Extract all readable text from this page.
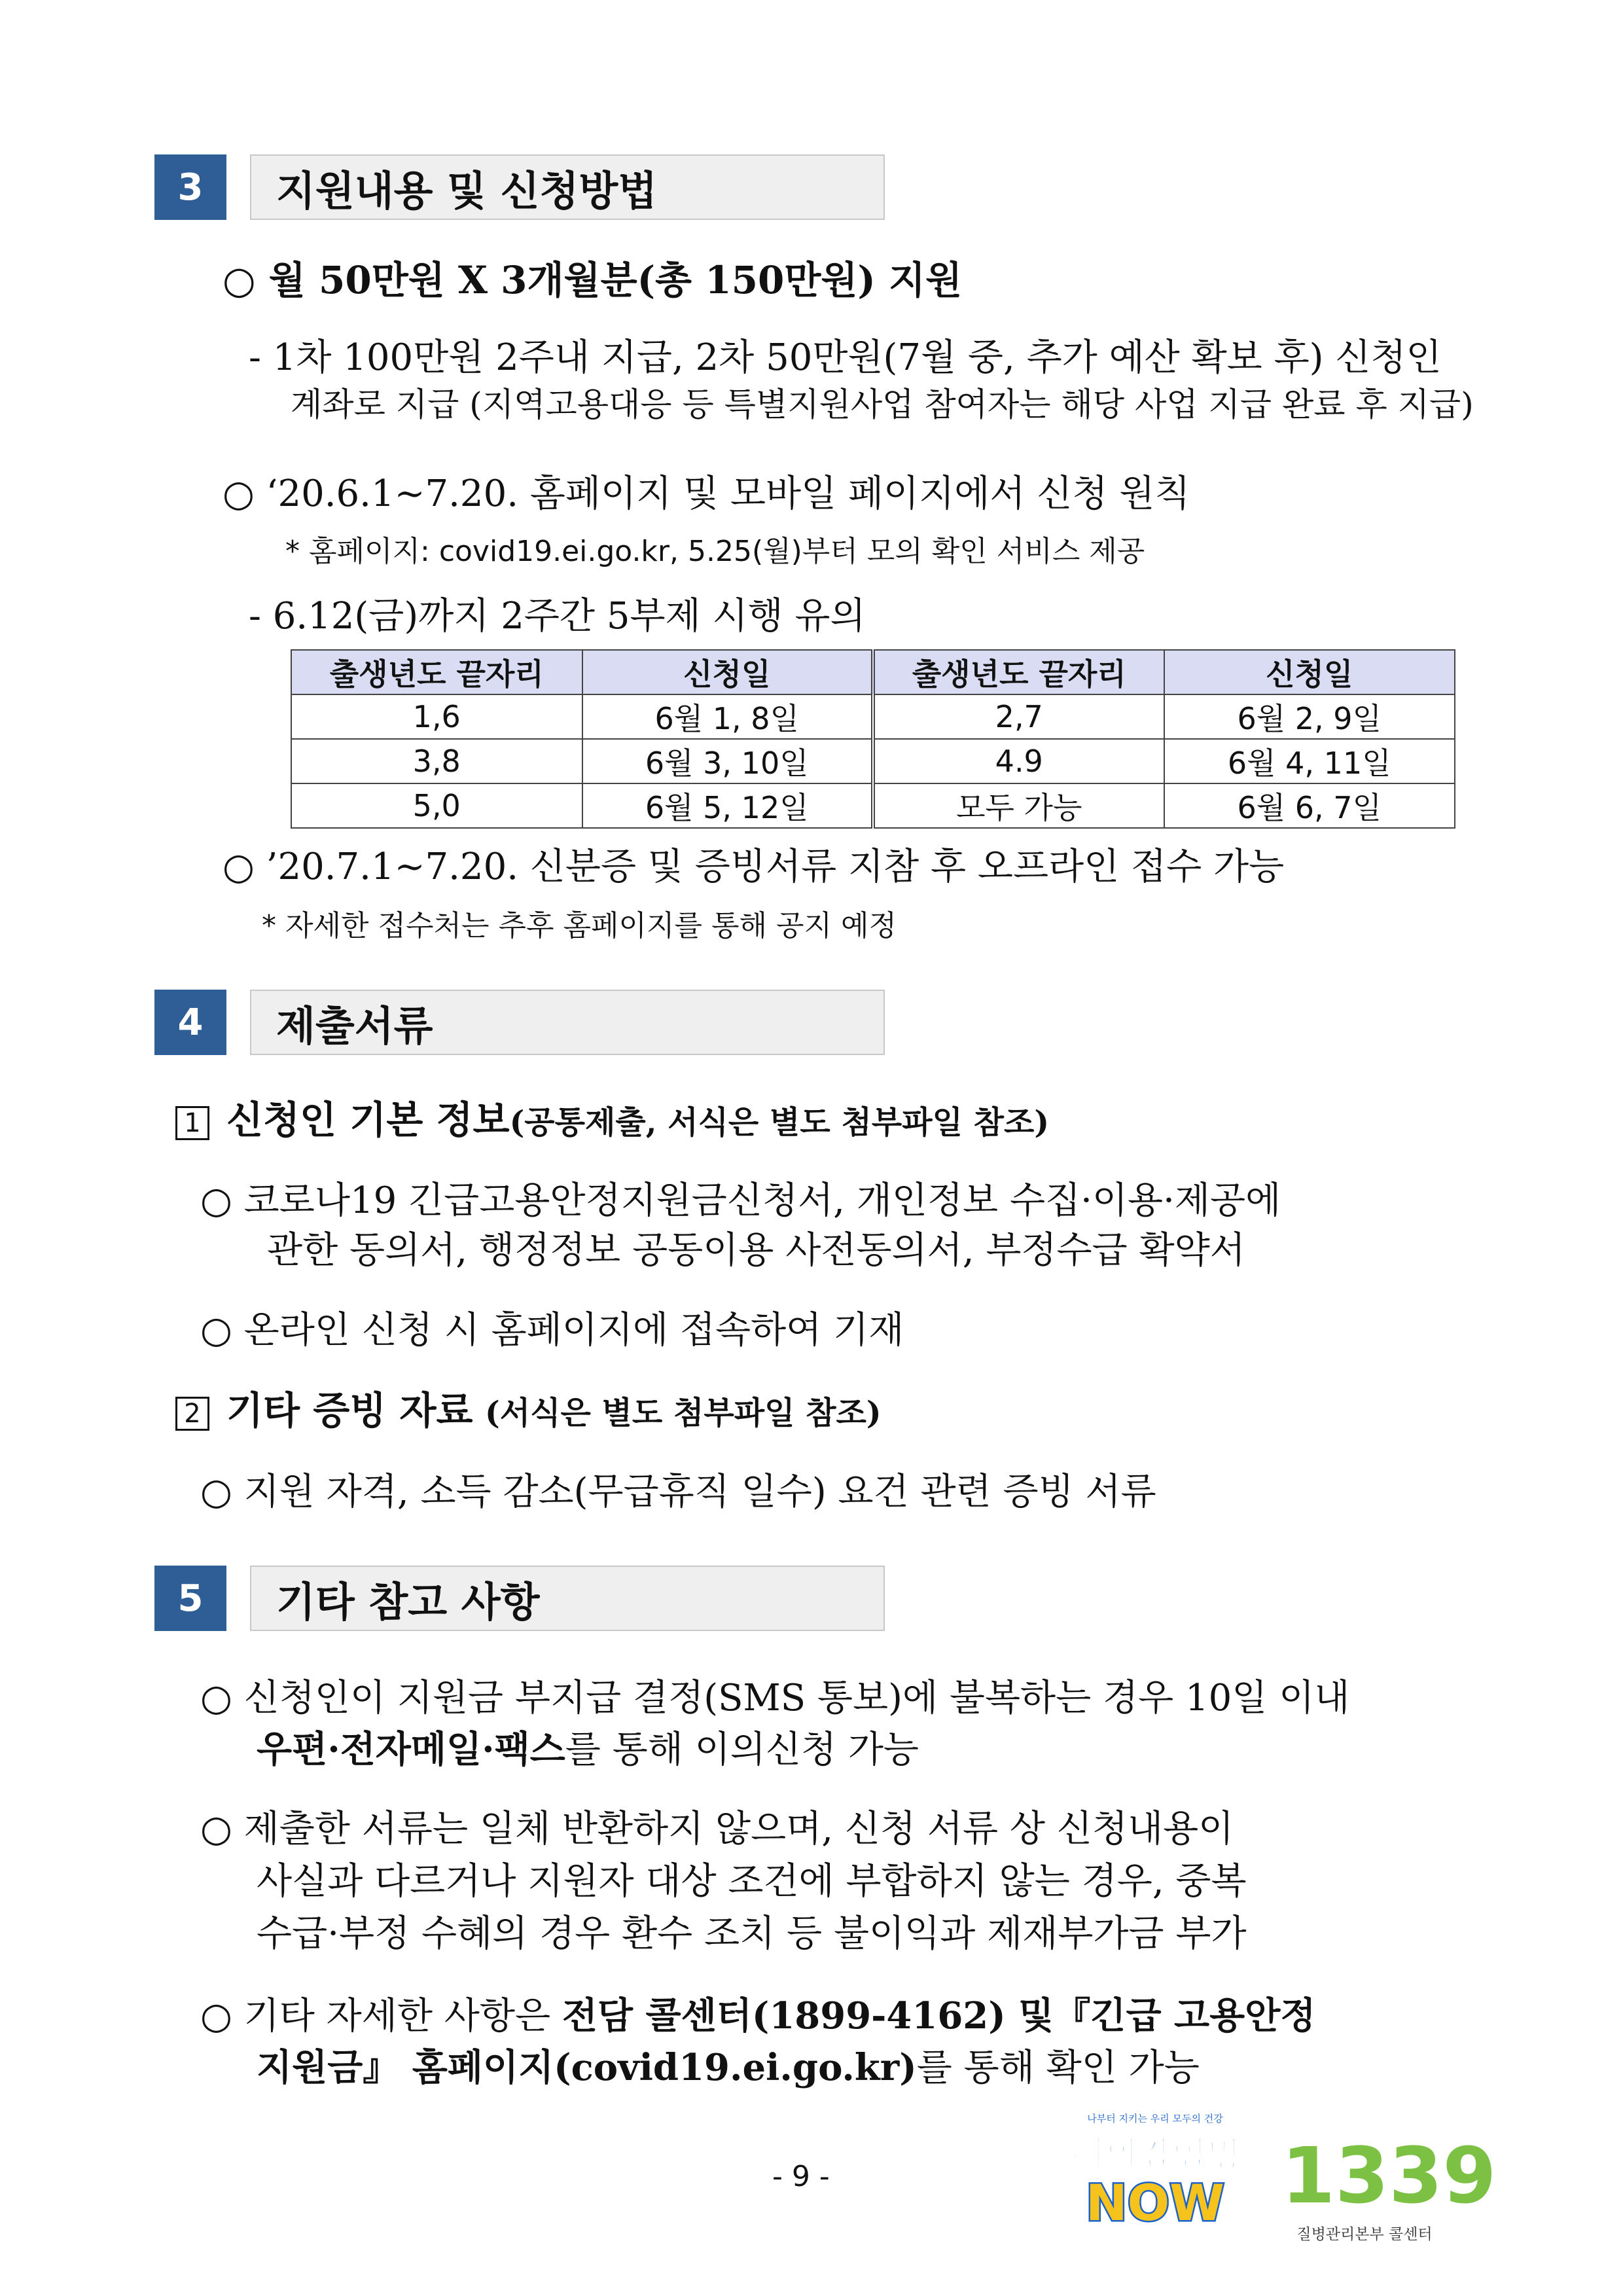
3	지원내용 및 신청방법
○ 월 50만원 X 3개월분(총 150만원) 지원
- 1차 100만원 2주내 지급, 2차 50만원(7월 중, 추가 예산 확보 후) 신청인
계좌로 지급 (지역고용대응 등 특별지원사업 참여자는 해당 사업 지급 완료 후 지급)
○ ‘20.6.1~7.20. 홈페이지 및 모바일 페이지에서 신청 원칙
* 홈페이지: covid19.ei.go.kr, 5.25(월)부터 모의 확인 서비스 제공
- 6.12(금)까지 2주간 5부제 시행 유의
출생년도 끝자리	신청일	출생년도 끝자리	신청일
1,6	6월 1, 8일	2,7	6월 2, 9일
3,8	6월 3, 10일	4.9	6월 4, 11일
5,0	6월 5, 12일	모두 가능	6월 6, 7일
○ ’20.7.1~7.20. 신분증 및 증빙서류 지참 후 오프라인 접수 가능
* 자세한 접수처는 추후 홈페이지를 통해 공지 예정
4	제출서류
1 신청인 기본 정보(공통제출, 서식은 별도 첨부파일 참조)
○ 코로나19 긴급고용안정지원금신청서, 개인정보 수집·이용·제공에
관한 동의서, 행정정보 공동이용 사전동의서, 부정수급 확약서
○ 온라인 신청 시 홈페이지에 접속하여 기재
2 기타 증빙 자료 (서식은 별도 첨부파일 참조)
○ 지원 자격, 소득 감소(무급휴직 일수) 요건 관련 증빙 서류
5	기타 참고 사항
○ 신청인이 지원금 부지급 결정(SMS 통보)에 불복하는 경우 10일 이내
우편·전자메일·팩스를 통해 이의신청 가능
○ 제출한 서류는 일체 반환하지 않으며, 신청 서류 상 신청내용이
사실과 다르거나 지원자 대상 조건에 부합하지 않는 경우, 중복
수급·부정 수혜의 경우 환수 조치 등 불이익과 제재부가금 부가
○ 기타 자세한 사항은 전담 콜센터(1899-4162) 및『긴급 고용안정
지원금』 홈페이지(covid19.ei.go.kr)를 통해 확인 가능
- 9 -
나부터 지키는 우리 모두의 건강
해외감염병
NOW 1339
질병관리본부 콜센터
